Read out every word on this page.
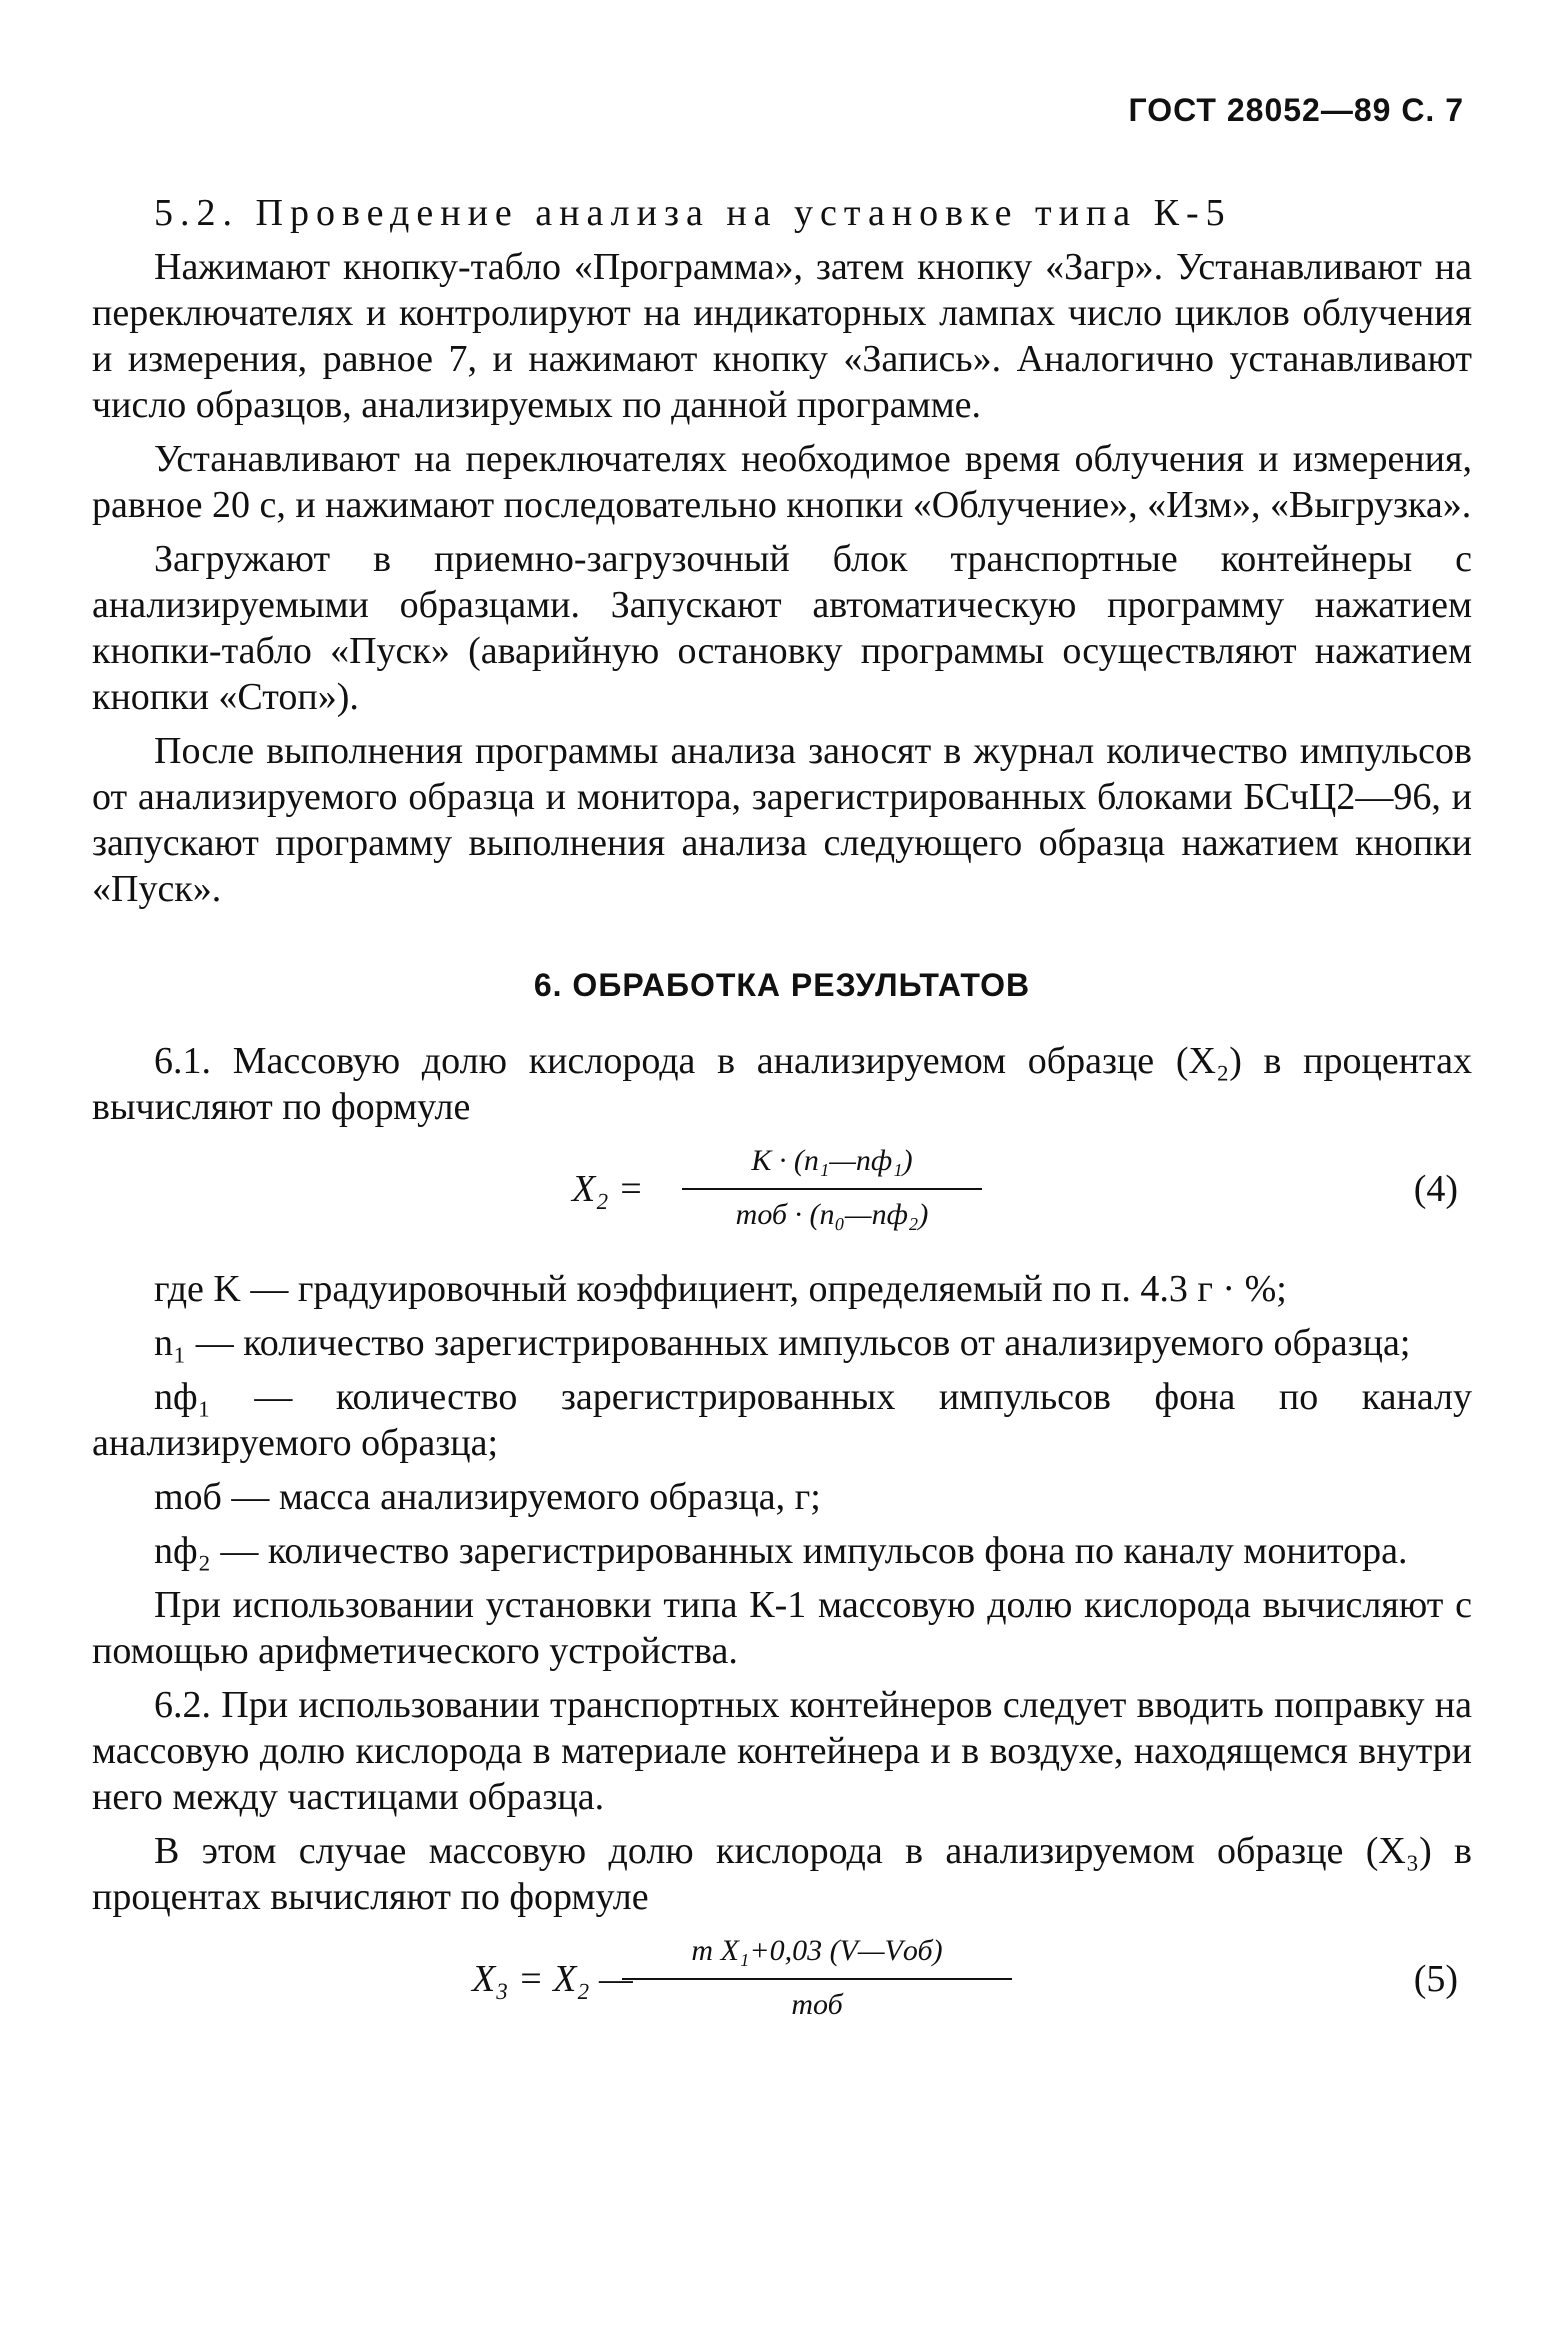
ГОСТ 28052—89 С. 7

5.2. Проведение анализа на установке типа К-5

Нажимают кнопку-табло «Программа», затем кнопку «Загр». Устанавливают на переключателях и контролируют на индикаторных лампах число циклов облучения и измерения, равное 7, и нажимают кнопку «Запись». Аналогично устанавливают число образцов, анализируемых по данной программе.

Устанавливают на переключателях необходимое время облучения и измерения, равное 20 с, и нажимают последовательно кнопки «Облучение», «Изм», «Выгрузка».

Загружают в приемно-загрузочный блок транспортные контейнеры с анализируемыми образцами. Запускают автоматическую программу нажатием кнопки-табло «Пуск» (аварийную остановку программы осуществляют нажатием кнопки «Стоп»).

После выполнения программы анализа заносят в журнал количество импульсов от анализируемого образца и монитора, зарегистрированных блоками БСчЦ2—96, и запускают программу выполнения анализа следующего образца нажатием кнопки «Пуск».

6. ОБРАБОТКА РЕЗУЛЬТАТОВ

6.1. Массовую долю кислорода в анализируемом образце (X₂) в процентах вычисляют по формуле

X₂ =
K · (n₁—nф₁)
mоб · (n₀—nф₂)
(4)

где K — градуировочный коэффициент, определяемый по п. 4.3 г · %;

n₁ — количество зарегистрированных импульсов от анализируемого образца;

nф₁ — количество зарегистрированных импульсов фона по каналу анализируемого образца;

mоб — масса анализируемого образца, г;

nф₂ — количество зарегистрированных импульсов фона по каналу монитора.

При использовании установки типа К-1 массовую долю кислорода вычисляют с помощью арифметического устройства.

6.2. При использовании транспортных контейнеров следует вводить поправку на массовую долю кислорода в материале контейнера и в воздухе, находящемся внутри него между частицами образца.

В этом случае массовую долю кислорода в анализируемом образце (X₃) в процентах вычисляют по формуле

X₃ = X₂ —
m X₁+0,03 (V—Vоб)
mоб
(5)
